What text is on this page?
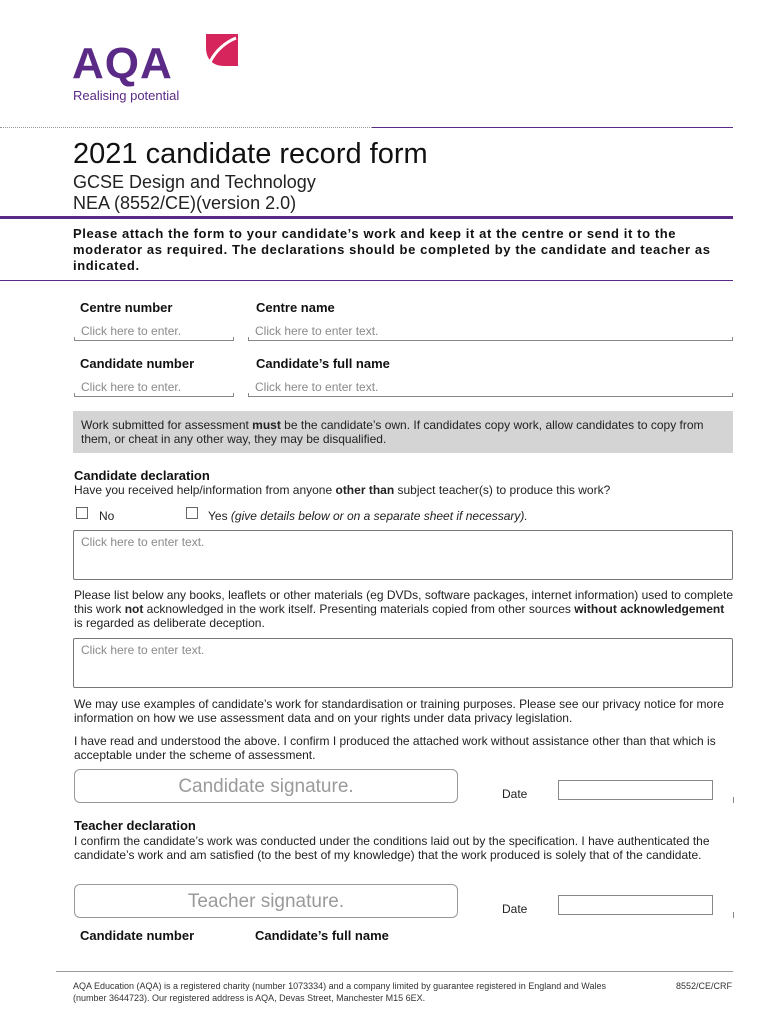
AQA
Realising potential
2021 candidate record form
GCSE Design and Technology
NEA (8552/CE)(version 2.0)
Please attach the form to your candidate’s work and keep it at the centre or send it to the moderator as required. The declarations should be completed by the candidate and teacher as indicated.
Centre number	Centre name
Click here to enter.	Click here to enter text.
Candidate number	Candidate’s full name
Click here to enter.	Click here to enter text.
Work submitted for assessment must be the candidate’s own. If candidates copy work, allow candidates to copy from them, or cheat in any other way, they may be disqualified.
Candidate declaration
Have you received help/information from anyone other than subject teacher(s) to produce this work?
No	Yes (give details below or on a separate sheet if necessary).
Click here to enter text.
Please list below any books, leaflets or other materials (eg DVDs, software packages, internet information) used to complete this work not acknowledged in the work itself. Presenting materials copied from other sources without acknowledgement is regarded as deliberate deception.
Click here to enter text.
We may use examples of candidate’s work for standardisation or training purposes. Please see our privacy notice for more information on how we use assessment data and on your rights under data privacy legislation.
I have read and understood the above. I confirm I produced the attached work without assistance other than that which is acceptable under the scheme of assessment.
Candidate signature.	Date
Teacher declaration
I confirm the candidate’s work was conducted under the conditions laid out by the specification. I have authenticated the candidate’s work and am satisfied (to the best of my knowledge) that the work produced is solely that of the candidate.
Teacher signature.	Date
Candidate number	Candidate’s full name
AQA Education (AQA) is a registered charity (number 1073334) and a company limited by guarantee registered in England and Wales (number 3644723). Our registered address is AQA, Devas Street, Manchester M15 6EX.
8552/CE/CRF
